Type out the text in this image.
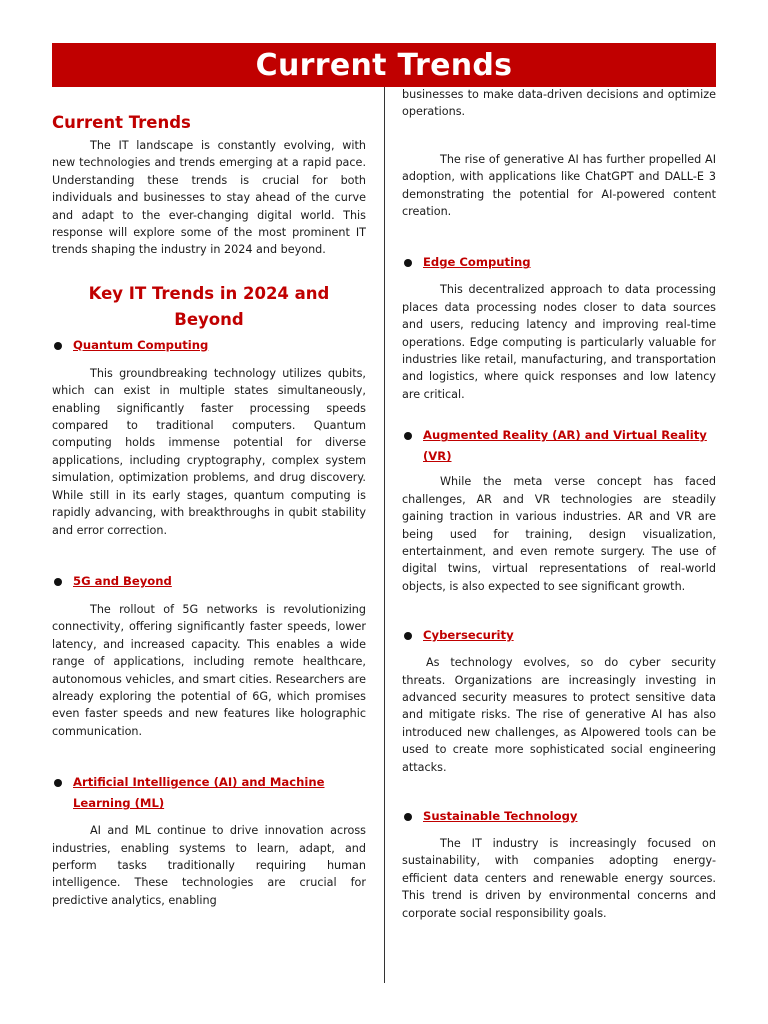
Current Trends
Current Trends

The IT landscape is constantly evolving, with new technologies and trends emerging at a rapid pace. Understanding these trends is crucial for both individuals and businesses to stay ahead of the curve and adapt to the ever-changing digital world. This response will explore some of the most prominent IT trends shaping the industry in 2024 and beyond.

Key IT Trends in 2024 and Beyond
Quantum Computing

This groundbreaking technology utilizes qubits, which can exist in multiple states simultaneously, enabling significantly faster processing speeds compared to traditional computers. Quantum computing holds immense potential for diverse applications, including cryptography, complex system simulation, optimization problems, and drug discovery. While still in its early stages, quantum computing is rapidly advancing, with breakthroughs in qubit stability and error correction.

5G and Beyond

The rollout of 5G networks is revolutionizing connectivity, offering significantly faster speeds, lower latency, and increased capacity. This enables a wide range of applications, including remote healthcare, autonomous vehicles, and smart cities. Researchers are already exploring the potential of 6G, which promises even faster speeds and new features like holographic communication.

Artificial Intelligence (AI) and Machine Learning (ML)

AI and ML continue to drive innovation across industries, enabling systems to learn, adapt, and perform tasks traditionally requiring human intelligence. These technologies are crucial for predictive analytics, enabling

businesses to make data-driven decisions and optimize operations.

The rise of generative AI has further propelled AI adoption, with applications like ChatGPT and DALL-E 3 demonstrating the potential for AI-powered content creation.

Edge Computing

This decentralized approach to data processing places data processing nodes closer to data sources and users, reducing latency and improving real-time operations. Edge computing is particularly valuable for industries like retail, manufacturing, and transportation and logistics, where quick responses and low latency are critical.

Augmented Reality (AR) and Virtual Reality (VR)

While the meta verse concept has faced challenges, AR and VR technologies are steadily gaining traction in various industries. AR and VR are being used for training, design visualization, entertainment, and even remote surgery. The use of digital twins, virtual representations of real-world objects, is also expected to see significant growth.

Cybersecurity

As technology evolves, so do cyber security threats. Organizations are increasingly investing in advanced security measures to protect sensitive data and mitigate risks. The rise of generative AI has also introduced new challenges, as AIpowered tools can be used to create more sophisticated social engineering attacks.

Sustainable Technology

The IT industry is increasingly focused on sustainability, with companies adopting energy-efficient data centers and renewable energy sources. This trend is driven by environmental concerns and corporate social responsibility goals.
